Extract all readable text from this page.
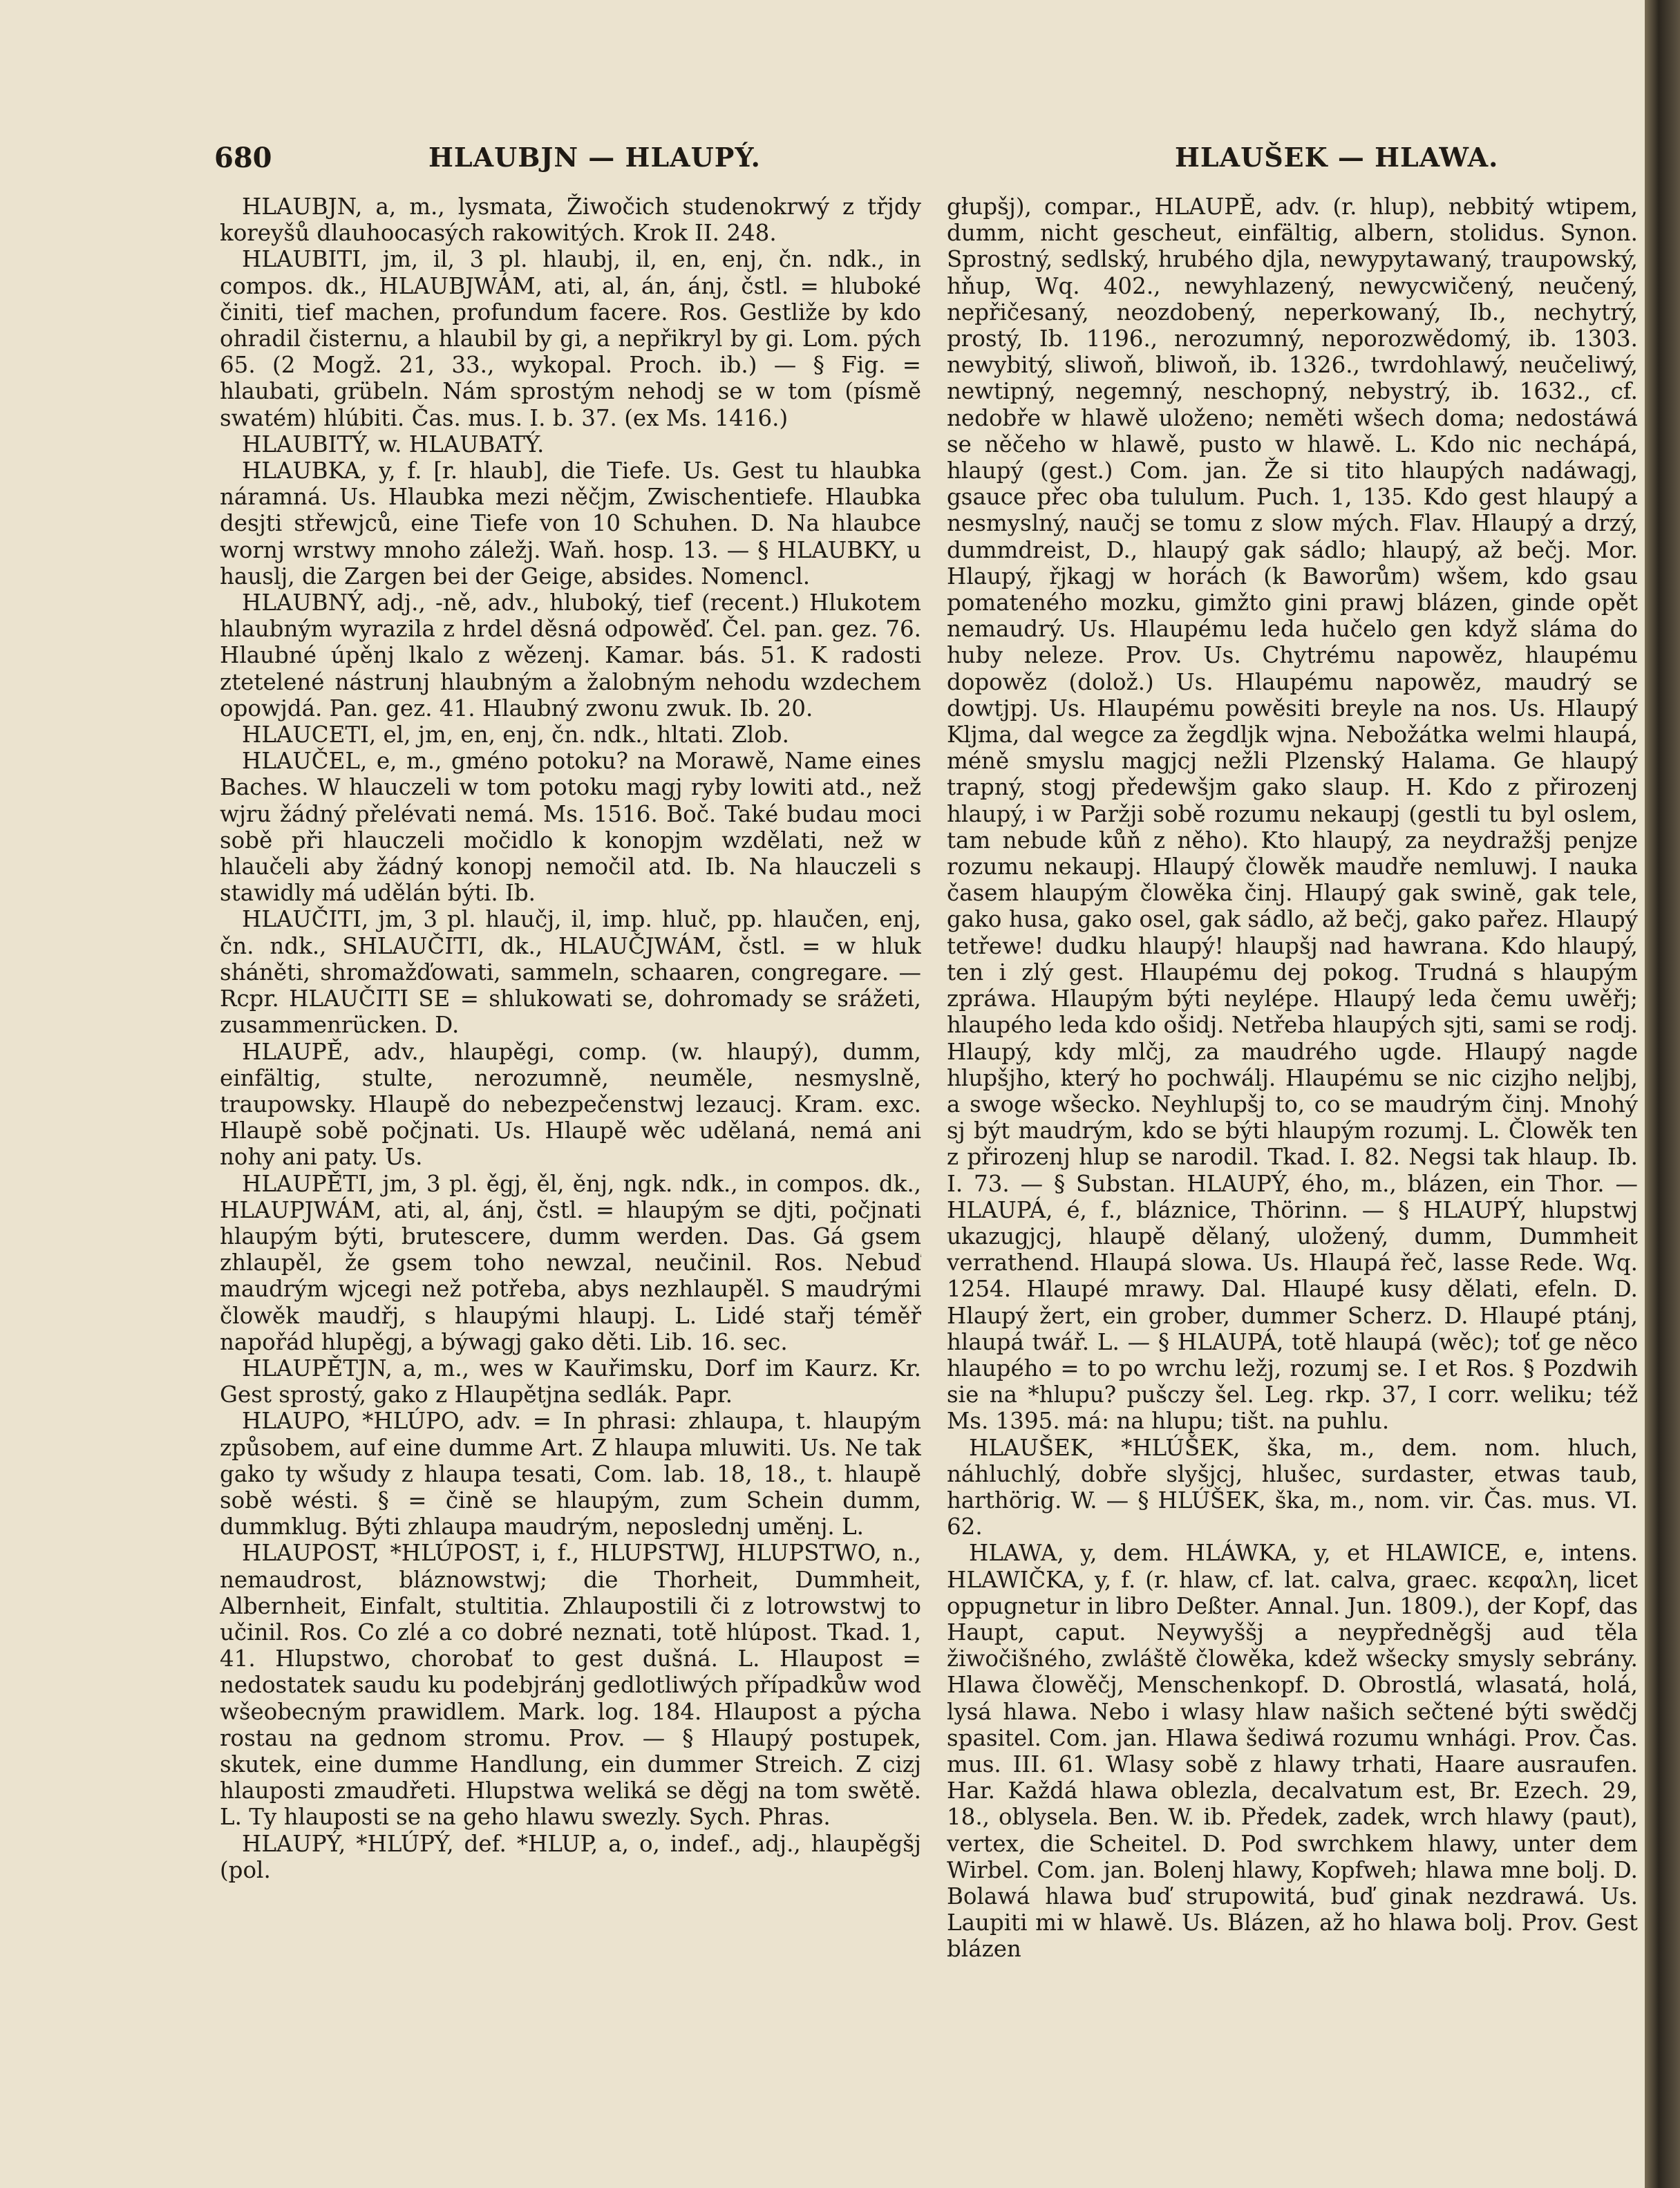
680	HLAUBJN — HLAUPÝ.	HLAUŠEK — HLAWA.

HLAUBJN, a, m., lysmata, Žiwočich studenokrwý z třjdy koreyšů dlauhoocasých rakowitých. Krok II. 248.

HLAUBITI, jm, il, 3 pl. hlaubj, il, en, enj, čn. ndk., in compos. dk., HLAUBJWÁM, ati, al, án, ánj, čstl. = hluboké činiti, tief machen, profundum facere. Ros. Gestliže by kdo ohradil čisternu, a hlaubil by gi, a nepřikryl by gi. Lom. pých 65. (2 Mogž. 21, 33., wykopal. Proch. ib.) — § Fig. = hlaubati, grübeln. Nám sprostým nehodj se w tom (písmě swatém) hlúbiti. Čas. mus. I. b. 37. (ex Ms. 1416.)

HLAUBITÝ, w. HLAUBATÝ.

HLAUBKA, y, f. [r. hlaub], die Tiefe. Us. Gest tu hlaubka náramná. Us. Hlaubka mezi něčjm, Zwischentiefe. Hlaubka desjti střewjců, eine Tiefe von 10 Schuhen. D. Na hlaubce wornj wrstwy mnoho záležj. Waň. hosp. 13. — § HLAUBKY, u hauslj, die Zargen bei der Geige, absides. Nomencl.

HLAUBNÝ, adj., -ně, adv., hluboký, tief (recent.) Hlukotem hlaubným wyrazila z hrdel děsná odpowěď. Čel. pan. gez. 76. Hlaubné úpěnj lkalo z wězenj. Kamar. bás. 51. K radosti ztetelené nástrunj hlaubným a žalobným nehodu wzdechem opowjdá. Pan. gez. 41. Hlaubný zwonu zwuk. Ib. 20.

HLAUCETI, el, jm, en, enj, čn. ndk., hltati. Zlob.

HLAUČEL, e, m., gméno potoku? na Morawě, Name eines Baches. W hlauczeli w tom potoku magj ryby lowiti atd., než wjru žádný přelévati nemá. Ms. 1516. Boč. Také budau moci sobě při hlauczeli močidlo k konopjm wzdělati, než w hlaučeli aby žádný konopj nemočil atd. Ib. Na hlauczeli s stawidly má udělán býti. Ib.

HLAUČITI, jm, 3 pl. hlaučj, il, imp. hluč, pp. hlaučen, enj, čn. ndk., SHLAUČITI, dk., HLAUČJWÁM, čstl. = w hluk sháněti, shromažďowati, sammeln, schaaren, congregare. — Rcpr. HLAUČITI SE = shlukowati se, dohromady se srážeti, zusammenrücken. D.

HLAUPĚ, adv., hlaupěgi, comp. (w. hlaupý), dumm, einfältig, stulte, nerozumně, neuměle, nesmyslně, traupowsky. Hlaupě do nebezpečenstwj lezaucj. Kram. exc. Hlaupě sobě počjnati. Us. Hlaupě wěc udělaná, nemá ani nohy ani paty. Us.

HLAUPĚTI, jm, 3 pl. ěgj, ěl, ěnj, ngk. ndk., in compos. dk., HLAUPJWÁM, ati, al, ánj, čstl. = hlaupým se djti, počjnati hlaupým býti, brutescere, dumm werden. Das. Gá gsem zhlaupěl, že gsem toho newzal, neučinil. Ros. Nebuď maudrým wjcegi než potřeba, abys nezhlaupěl. S maudrými člowěk maudřj, s hlaupými hlaupj. L. Lidé stařj téměř napořád hlupěgj, a býwagj gako děti. Lib. 16. sec.

HLAUPĚTJN, a, m., wes w Kauřimsku, Dorf im Kaurz. Kr. Gest sprostý, gako z Hlaupětjna sedlák. Papr.

HLAUPO, *HLÚPO, adv. = In phrasi: zhlaupa, t. hlaupým způsobem, auf eine dumme Art. Z hlaupa mluwiti. Us. Ne tak gako ty wšudy z hlaupa tesati, Com. lab. 18, 18., t. hlaupě sobě wésti. § = čině se hlaupým, zum Schein dumm, dummklug. Býti zhlaupa maudrým, neposlednj uměnj. L.

HLAUPOST, *HLÚPOST, i, f., HLUPSTWJ, HLUPSTWO, n., nemaudrost, bláznowstwj; die Thorheit, Dummheit, Albernheit, Einfalt, stultitia. Zhlaupostili či z lotrowstwj to učinil. Ros. Co zlé a co dobré neznati, totě hlúpost. Tkad. 1, 41. Hlupstwo, chorobať to gest dušná. L. Hlaupost = nedostatek saudu ku podebjránj gedlotliwých případkůw wod wšeobecným prawidlem. Mark. log. 184. Hlaupost a pýcha rostau na gednom stromu. Prov. — § Hlaupý postupek, skutek, eine dumme Handlung, ein dummer Streich. Z cizj hlauposti zmaudřeti. Hlupstwa weliká se děgj na tom swětě. L. Ty hlauposti se na geho hlawu swezly. Sych. Phras.

HLAUPÝ, *HLÚPÝ, def. *HLUP, a, o, indef., adj., hlaupěgšj (pol.

głupšj), compar., HLAUPĚ, adv. (r. hlup), nebbitý wtipem, dumm, nicht gescheut, einfältig, albern, stolidus. Synon. Sprostný, sedlský, hrubého djla, newypytawaný, traupowský, hňup, Wq. 402., newyhlazený, newycwičený, neučený, nepřičesaný, neozdobený, neperkowaný, Ib., nechytrý, prostý, Ib. 1196., nerozumný, neporozwědomý, ib. 1303. newybitý, sliwoň, bliwoň, ib. 1326., twrdohlawý, neučeliwý, newtipný, negemný, neschopný, nebystrý, ib. 1632., cf. nedobře w hlawě uloženo; neměti wšech doma; nedostáwá se něčeho w hlawě, pusto w hlawě. L. Kdo nic nechápá, hlaupý (gest.) Com. jan. Že si tito hlaupých nadáwagj, gsauce přec oba tululum. Puch. 1, 135. Kdo gest hlaupý a nesmyslný, naučj se tomu z slow mých. Flav. Hlaupý a drzý, dummdreist, D., hlaupý gak sádlo; hlaupý, až bečj. Mor. Hlaupý, řjkagj w horách (k Baworům) wšem, kdo gsau pomateného mozku, gimžto gini prawj blázen, ginde opět nemaudrý. Us. Hlaupému leda hučelo gen když sláma do huby neleze. Prov. Us. Chytrému napowěz, hlaupému dopowěz (dolož.) Us. Hlaupému napowěz, maudrý se dowtjpj. Us. Hlaupému powěsiti breyle na nos. Us. Hlaupý Kljma, dal wegce za žegdljk wjna. Nebožátka welmi hlaupá, méně smyslu magjcj nežli Plzenský Halama. Ge hlaupý trapný, stogj předewšjm gako slaup. H. Kdo z přirozenj hlaupý, i w Paržji sobě rozumu nekaupj (gestli tu byl oslem, tam nebude kůň z něho). Kto hlaupý, za neydražšj penjze rozumu nekaupj. Hlaupý člowěk maudře nemluwj. I nauka časem hlaupým člowěka činj. Hlaupý gak swině, gak tele, gako husa, gako osel, gak sádlo, až bečj, gako pařez. Hlaupý tetřewe! dudku hlaupý! hlaupšj nad hawrana. Kdo hlaupý, ten i zlý gest. Hlaupému dej pokog. Trudná s hlaupým zpráwa. Hlaupým býti neylépe. Hlaupý leda čemu uwěřj; hlaupého leda kdo ošidj. Netřeba hlaupých sjti, sami se rodj. Hlaupý, kdy mlčj, za maudrého ugde. Hlaupý nagde hlupšjho, který ho pochwálj. Hlaupému se nic cizjho neljbj, a swoge wšecko. Neyhlupšj to, co se maudrým činj. Mnohý sj být maudrým, kdo se býti hlaupým rozumj. L. Člowěk ten z přirozenj hlup se narodil. Tkad. I. 82. Negsi tak hlaup. Ib. I. 73. — § Substan. HLAUPÝ, ého, m., blázen, ein Thor. — HLAUPÁ, é, f., bláznice, Thörinn. — § HLAUPÝ, hlupstwj ukazugjcj, hlaupě dělaný, uložený, dumm, Dummheit verrathend. Hlaupá slowa. Us. Hlaupá řeč, lasse Rede. Wq. 1254. Hlaupé mrawy. Dal. Hlaupé kusy dělati, efeln. D. Hlaupý žert, ein grober, dummer Scherz. D. Hlaupé ptánj, hlaupá twář. L. — § HLAUPÁ, totě hlaupá (wěc); toť ge něco hlaupého = to po wrchu ležj, rozumj se. I et Ros. § Pozdwih sie na *hlupu? pušczy šel. Leg. rkp. 37, I corr. weliku; též Ms. 1395. má: na hlupu; tišt. na puhlu.

HLAUŠEK, *HLÚŠEK, ška, m., dem. nom. hluch, náhluchlý, dobře slyšjcj, hlušec, surdaster, etwas taub, harthörig. W. — § HLÚŠEK, ška, m., nom. vir. Čas. mus. VI. 62.

HLAWA, y, dem. HLÁWKA, y, et HLAWICE, e, intens. HLAWIČKA, y, f. (r. hlaw, cf. lat. calva, graec. κεφαλη, licet oppugnetur in libro Deßter. Annal. Jun. 1809.), der Kopf, das Haupt, caput. Neywyššj a neypředněgšj aud těla žiwočišného, zwláště člowěka, kdež wšecky smysly sebrány. Hlawa člowěčj, Menschenkopf. D. Obrostlá, wlasatá, holá, lysá hlawa. Nebo i wlasy hlaw našich sečtené býti swědčj spasitel. Com. jan. Hlawa šediwá rozumu wnhági. Prov. Čas. mus. III. 61. Wlasy sobě z hlawy trhati, Haare ausraufen. Har. Každá hlawa oblezla, decalvatum est, Br. Ezech. 29, 18., oblysela. Ben. W. ib. Předek, zadek, wrch hlawy (paut), vertex, die Scheitel. D. Pod swrchkem hlawy, unter dem Wirbel. Com. jan. Bolenj hlawy, Kopfweh; hlawa mne bolj. D. Bolawá hlawa buď strupowitá, buď ginak nezdrawá. Us. Laupiti mi w hlawě. Us. Blázen, až ho hlawa bolj. Prov. Gest blázen
